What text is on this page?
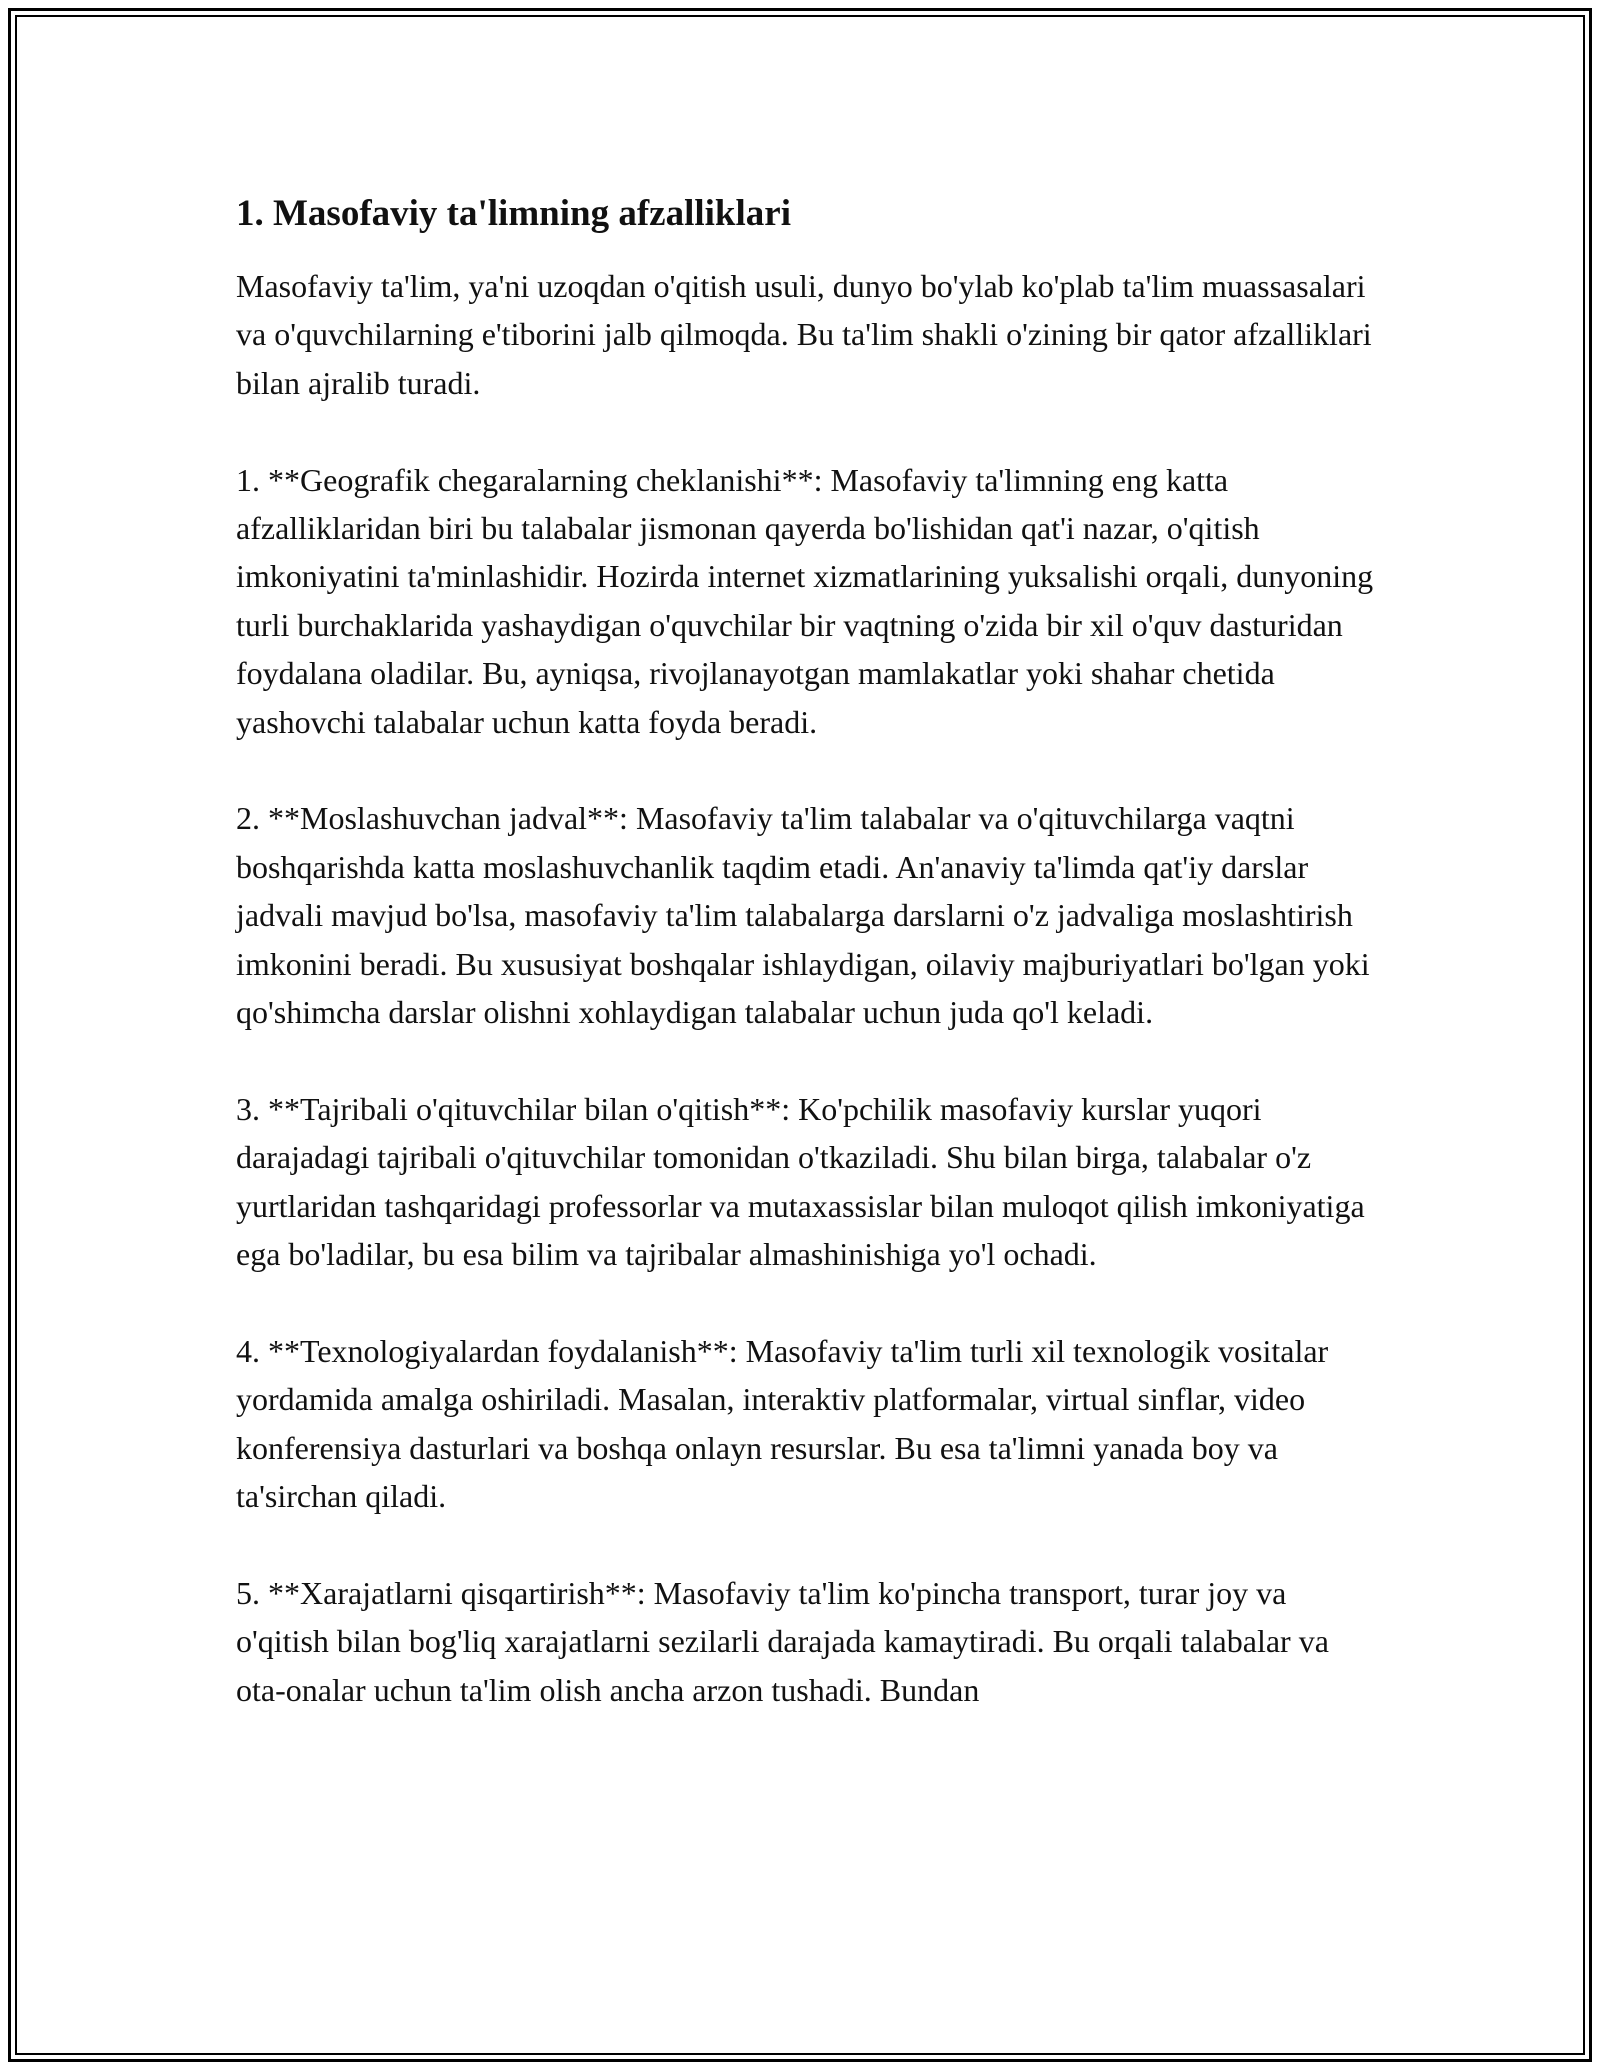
1. Masofaviy ta'limning afzalliklari

Masofaviy ta'lim, ya'ni uzoqdan o'qitish usuli, dunyo bo'ylab ko'plab ta'lim muassasalari va o'quvchilarning e'tiborini jalb qilmoqda. Bu ta'lim shakli o'zining bir qator afzalliklari bilan ajralib turadi.

1. **Geografik chegaralarning cheklanishi**: Masofaviy ta'limning eng katta afzalliklaridan biri bu talabalar jismonan qayerda bo'lishidan qat'i nazar, o'qitish imkoniyatini ta'minlashidir. Hozirda internet xizmatlarining yuksalishi orqali, dunyoning turli burchaklarida yashaydigan o'quvchilar bir vaqtning o'zida bir xil o'quv dasturidan foydalana oladilar. Bu, ayniqsa, rivojlanayotgan mamlakatlar yoki shahar chetida yashovchi talabalar uchun katta foyda beradi.

2. **Moslashuvchan jadval**: Masofaviy ta'lim talabalar va o'qituvchilarga vaqtni boshqarishda katta moslashuvchanlik taqdim etadi. An'anaviy ta'limda qat'iy darslar jadvali mavjud bo'lsa, masofaviy ta'lim talabalarga darslarni o'z jadvaliga moslashtirish imkonini beradi. Bu xususiyat boshqalar ishlaydigan, oilaviy majburiyatlari bo'lgan yoki qo'shimcha darslar olishni xohlaydigan talabalar uchun juda qo'l keladi.

3. **Tajribali o'qituvchilar bilan o'qitish**: Ko'pchilik masofaviy kurslar yuqori darajadagi tajribali o'qituvchilar tomonidan o'tkaziladi. Shu bilan birga, talabalar o'z yurtlaridan tashqaridagi professorlar va mutaxassislar bilan muloqot qilish imkoniyatiga ega bo'ladilar, bu esa bilim va tajribalar almashinishiga yo'l ochadi.

4. **Texnologiyalardan foydalanish**: Masofaviy ta'lim turli xil texnologik vositalar yordamida amalga oshiriladi. Masalan, interaktiv platformalar, virtual sinflar, video konferensiya dasturlari va boshqa onlayn resurslar. Bu esa ta'limni yanada boy va ta'sirchan qiladi.

5. **Xarajatlarni qisqartirish**: Masofaviy ta'lim ko'pincha transport, turar joy va o'qitish bilan bog'liq xarajatlarni sezilarli darajada kamaytiradi. Bu orqali talabalar va ota-onalar uchun ta'lim olish ancha arzon tushadi. Bundan
